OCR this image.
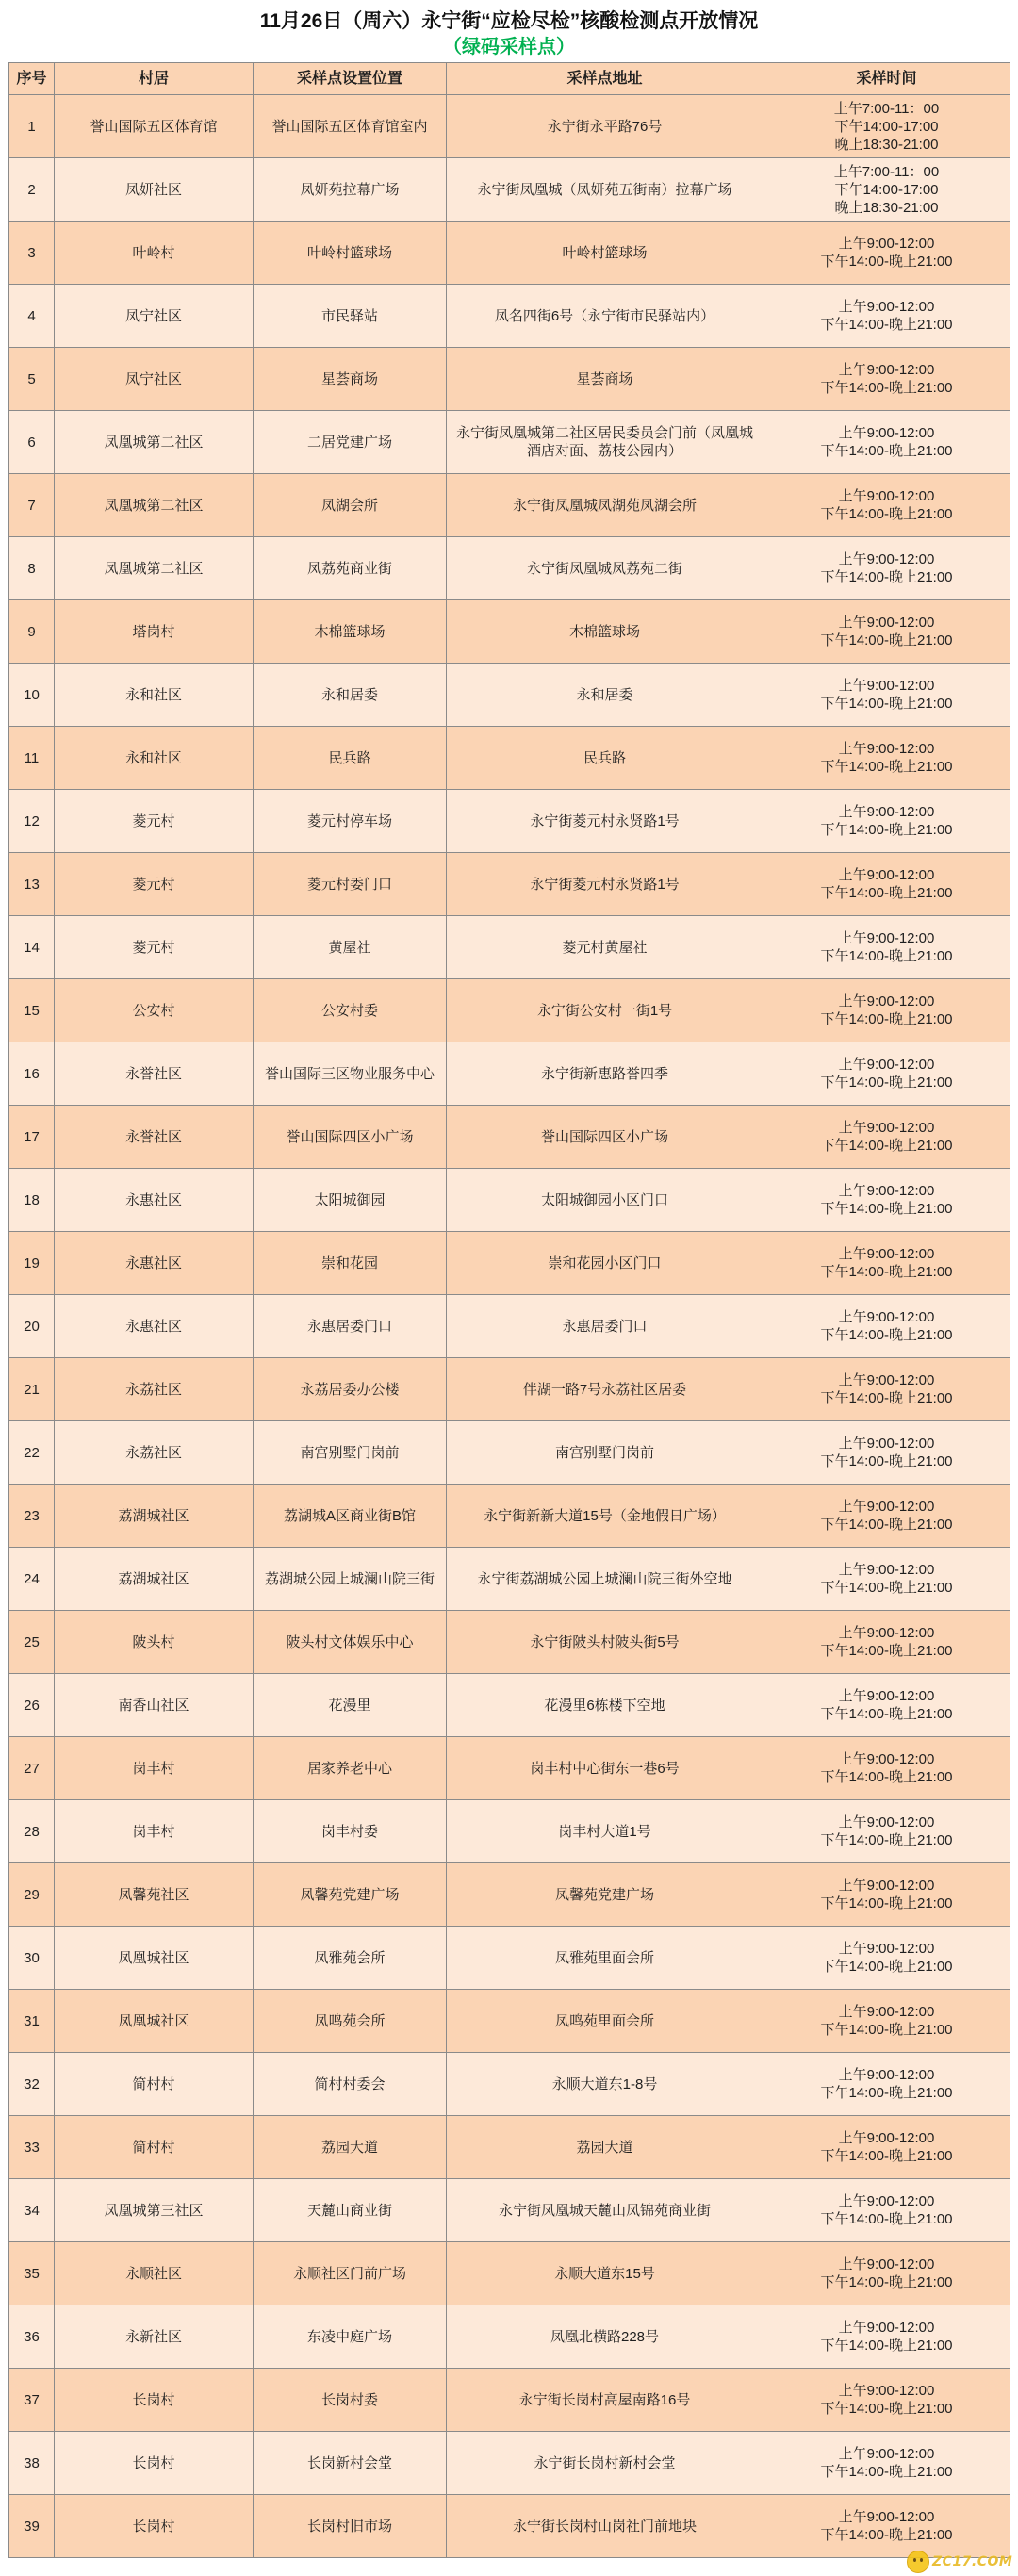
11月26日（周六）永宁街“应检尽检”核酸检测点开放情况
（绿码采样点）
序号	村居	采样点设置位置	采样点地址	采样时间
1	誉山国际五区体育馆	誉山国际五区体育馆室内	永宁街永平路76号	上午7:00-11：00
下午14:00-17:00
晚上18:30-21:00

2	凤妍社区	凤妍苑拉幕广场	永宁街凤凰城（凤妍苑五街南）拉幕广场	上午7:00-11：00
下午14:00-17:00
晚上18:30-21:00

3	叶岭村	叶岭村篮球场	叶岭村篮球场	上午9:00-12:00
下午14:00-晚上21:00

4	凤宁社区	市民驿站	凤名四街6号（永宁街市民驿站内）	上午9:00-12:00
下午14:00-晚上21:00

5	凤宁社区	星荟商场	星荟商场	上午9:00-12:00
下午14:00-晚上21:00

6	凤凰城第二社区	二居党建广场	永宁街凤凰城第二社区居民委员会门前（凤凰城酒店对面、荔枝公园内）	上午9:00-12:00
下午14:00-晚上21:00

7	凤凰城第二社区	凤湖会所	永宁街凤凰城凤湖苑凤湖会所	上午9:00-12:00
下午14:00-晚上21:00

8	凤凰城第二社区	凤荔苑商业街	永宁街凤凰城凤荔苑二街	上午9:00-12:00
下午14:00-晚上21:00

9	塔岗村	木棉篮球场	木棉篮球场	上午9:00-12:00
下午14:00-晚上21:00

10	永和社区	永和居委	永和居委	上午9:00-12:00
下午14:00-晚上21:00

11	永和社区	民兵路	民兵路	上午9:00-12:00
下午14:00-晚上21:00

12	菱元村	菱元村停车场	永宁街菱元村永贤路1号	上午9:00-12:00
下午14:00-晚上21:00

13	菱元村	菱元村委门口	永宁街菱元村永贤路1号	上午9:00-12:00
下午14:00-晚上21:00

14	菱元村	黄屋社	菱元村黄屋社	上午9:00-12:00
下午14:00-晚上21:00

15	公安村	公安村委	永宁街公安村一街1号	上午9:00-12:00
下午14:00-晚上21:00

16	永誉社区	誉山国际三区物业服务中心	永宁街新惠路誉四季	上午9:00-12:00
下午14:00-晚上21:00

17	永誉社区	誉山国际四区小广场	誉山国际四区小广场	上午9:00-12:00
下午14:00-晚上21:00

18	永惠社区	太阳城御园	太阳城御园小区门口	上午9:00-12:00
下午14:00-晚上21:00

19	永惠社区	崇和花园	崇和花园小区门口	上午9:00-12:00
下午14:00-晚上21:00

20	永惠社区	永惠居委门口	永惠居委门口	上午9:00-12:00
下午14:00-晚上21:00

21	永荔社区	永荔居委办公楼	伴湖一路7号永荔社区居委	上午9:00-12:00
下午14:00-晚上21:00

22	永荔社区	南宫别墅门岗前	南宫别墅门岗前	上午9:00-12:00
下午14:00-晚上21:00

23	荔湖城社区	荔湖城A区商业街B馆	永宁街新新大道15号（金地假日广场）	上午9:00-12:00
下午14:00-晚上21:00

24	荔湖城社区	荔湖城公园上城澜山院三街	永宁街荔湖城公园上城澜山院三街外空地	上午9:00-12:00
下午14:00-晚上21:00

25	陂头村	陂头村文体娱乐中心	永宁街陂头村陂头街5号	上午9:00-12:00
下午14:00-晚上21:00

26	南香山社区	花漫里	花漫里6栋楼下空地	上午9:00-12:00
下午14:00-晚上21:00

27	岗丰村	居家养老中心	岗丰村中心街东一巷6号	上午9:00-12:00
下午14:00-晚上21:00

28	岗丰村	岗丰村委	岗丰村大道1号	上午9:00-12:00
下午14:00-晚上21:00

29	凤馨苑社区	凤馨苑党建广场	凤馨苑党建广场	上午9:00-12:00
下午14:00-晚上21:00

30	凤凰城社区	凤雅苑会所	凤雅苑里面会所	上午9:00-12:00
下午14:00-晚上21:00

31	凤凰城社区	凤鸣苑会所	凤鸣苑里面会所	上午9:00-12:00
下午14:00-晚上21:00

32	简村村	简村村委会	永顺大道东1-8号	上午9:00-12:00
下午14:00-晚上21:00

33	简村村	荔园大道	荔园大道	上午9:00-12:00
下午14:00-晚上21:00

34	凤凰城第三社区	天麓山商业街	永宁街凤凰城天麓山凤锦苑商业街	上午9:00-12:00
下午14:00-晚上21:00

35	永顺社区	永顺社区门前广场	永顺大道东15号	上午9:00-12:00
下午14:00-晚上21:00

36	永新社区	东凌中庭广场	凤凰北横路228号	上午9:00-12:00
下午14:00-晚上21:00

37	长岗村	长岗村委	永宁街长岗村高屋南路16号	上午9:00-12:00
下午14:00-晚上21:00

38	长岗村	长岗新村会堂	永宁街长岗村新村会堂	上午9:00-12:00
下午14:00-晚上21:00

39	长岗村	长岗村旧市场	永宁街长岗村山岗社门前地块	上午9:00-12:00
下午14:00-晚上21:00
ZC17.COM
